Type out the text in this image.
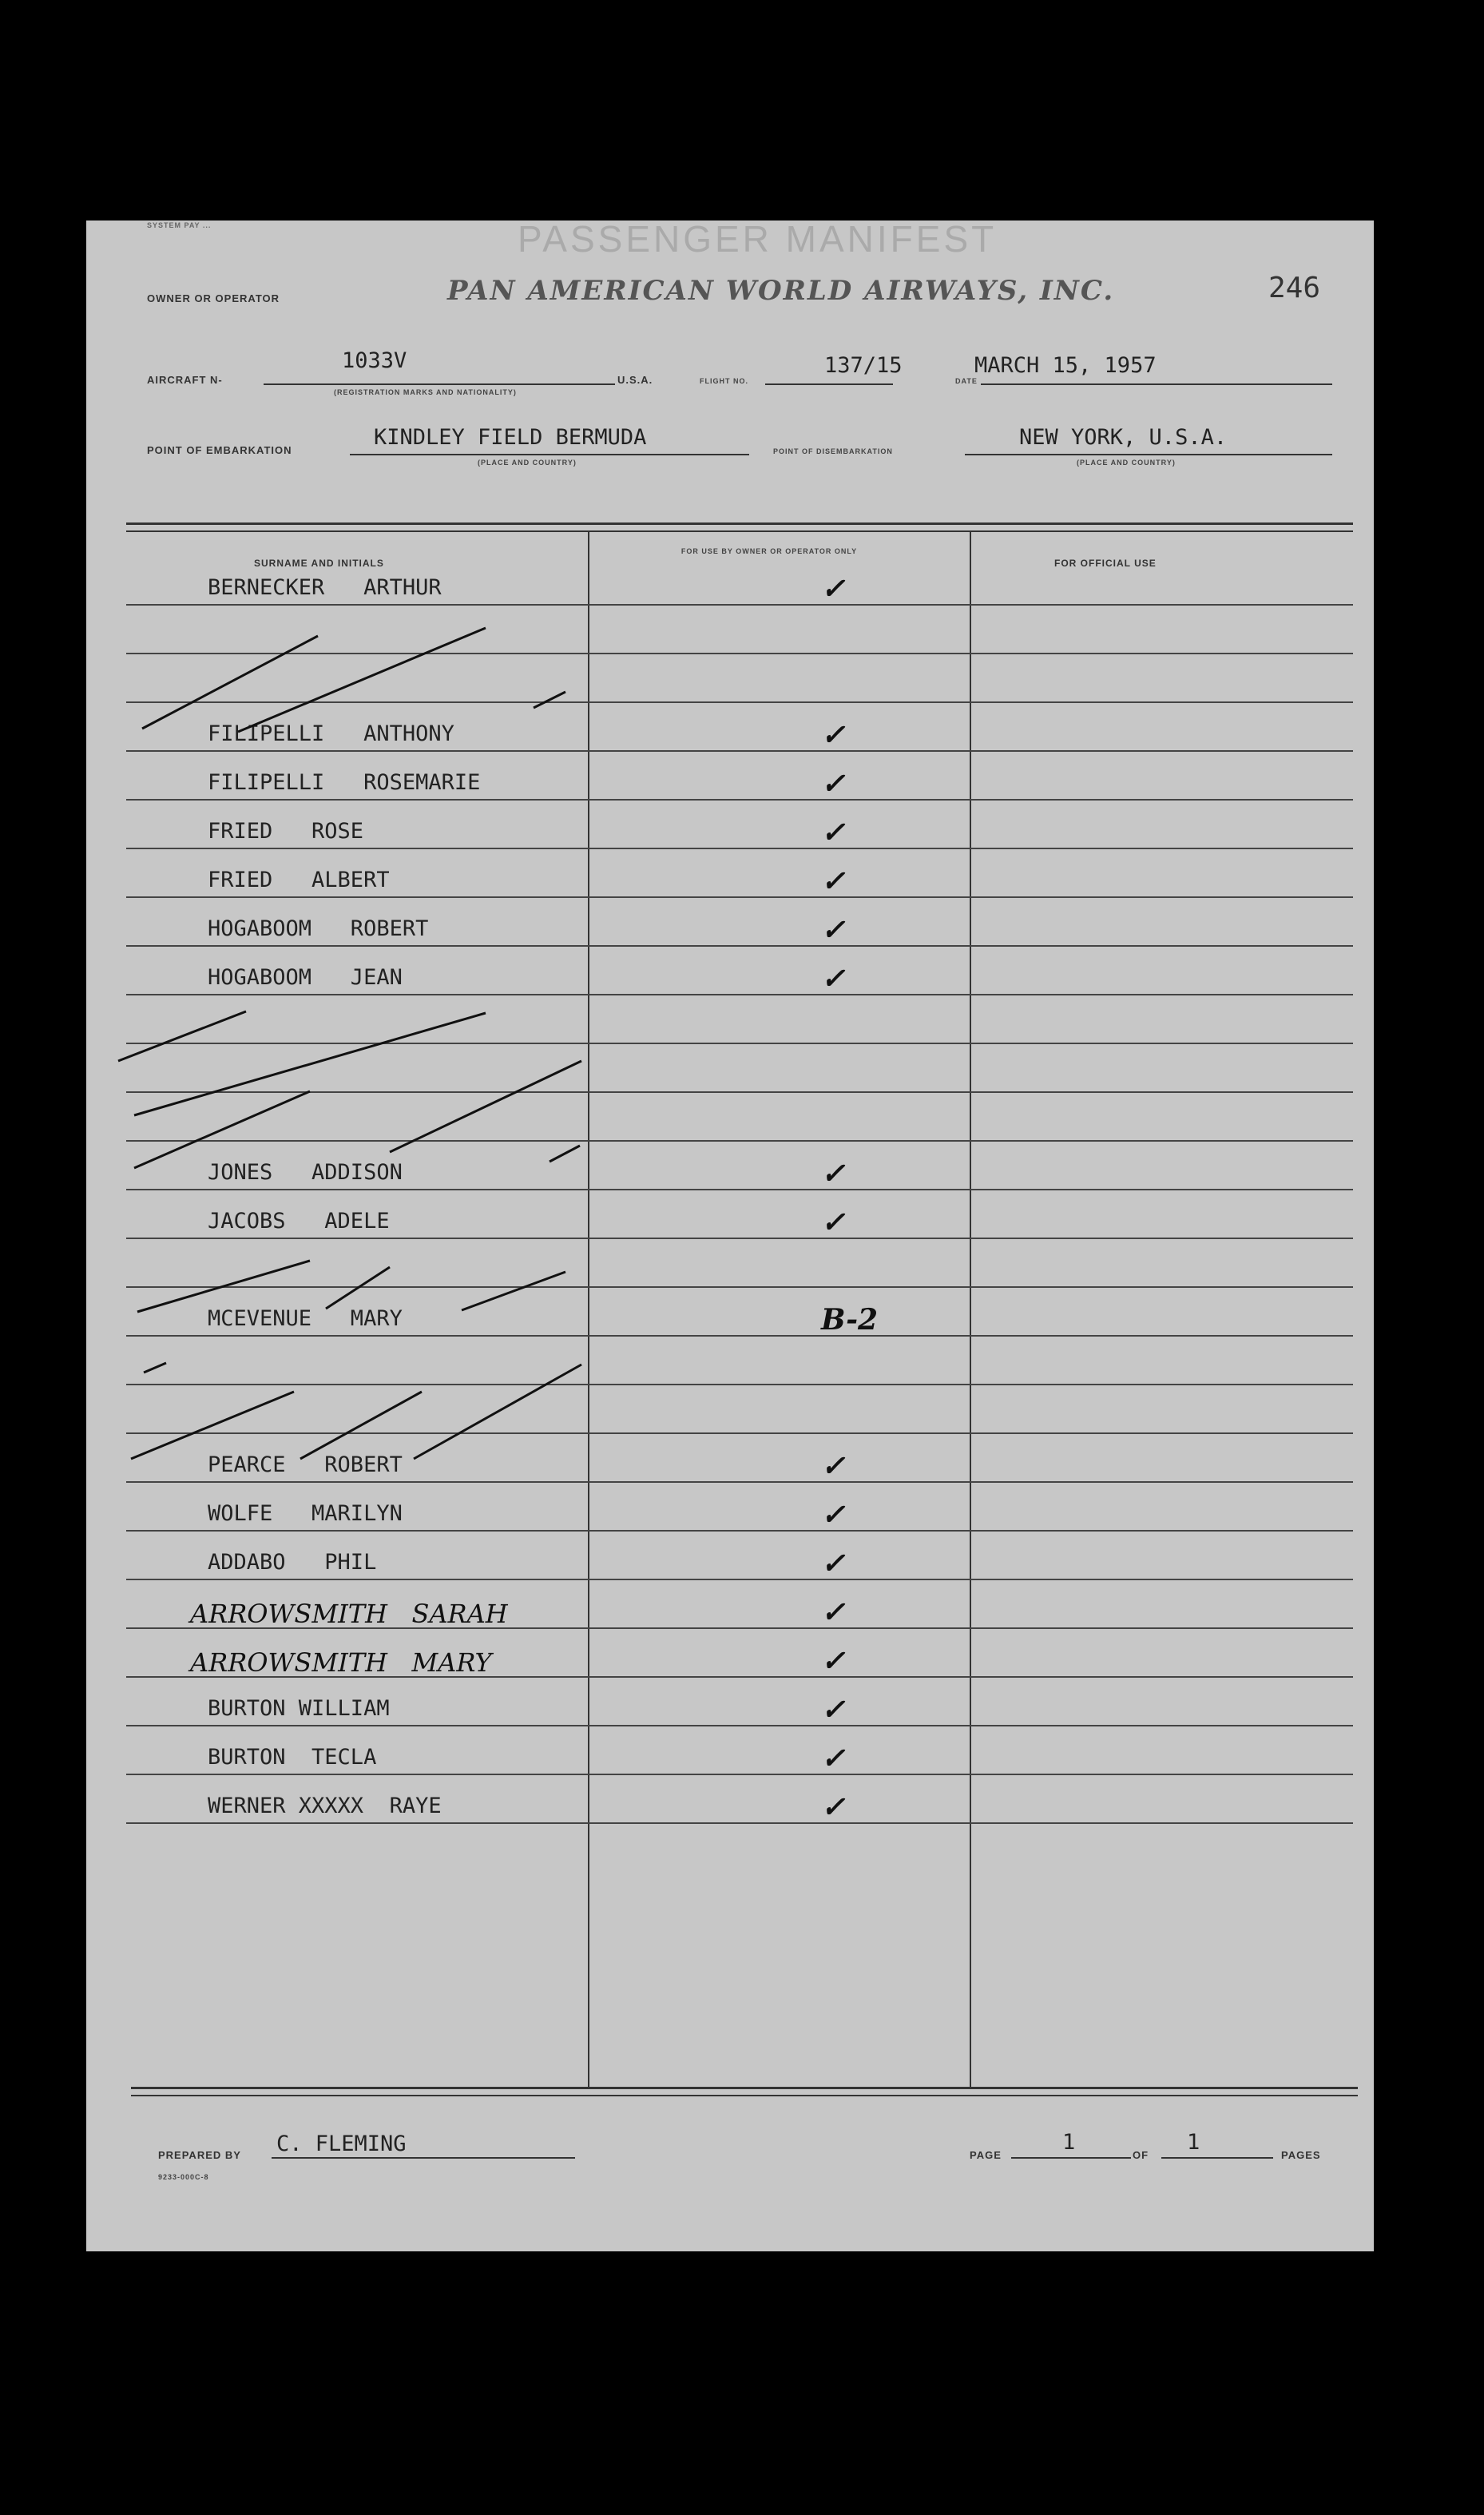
SYSTEM PAY ...	PASSENGER MANIFEST
OWNER OR OPERATOR	PAN AMERICAN WORLD AIRWAYS, INC.	246
AIRCRAFT N-
1033V
(REGISTRATION MARKS AND NATIONALITY)
U.S.A.	FLIGHT NO.
137/15
DATE
MARCH 15, 1957
POINT OF EMBARKATION
KINDLEY FIELD BERMUDA
(PLACE AND COUNTRY)
POINT OF DISEMBARKATION
NEW YORK, U.S.A.
(PLACE AND COUNTRY)
SURNAME AND INITIALS
FOR USE BY OWNER OR OPERATOR ONLY
FOR OFFICIAL USE
BERNECKER   ARTHUR	✓
FILIPELLI   ANTHONY	✓
FILIPELLI   ROSEMARIE	✓
FRIED   ROSE	✓
FRIED   ALBERT	✓
HOGABOOM   ROBERT	✓
HOGABOOM   JEAN	✓
JONES   ADDISON	✓
JACOBS   ADELE	✓
MCEVENUE   MARY	B-2
PEARCE   ROBERT	✓
WOLFE   MARILYN	✓
ADDABO   PHIL	✓
ARROWSMITH   SARAH	✓
ARROWSMITH   MARY	✓
BURTON WILLIAM	✓
BURTON  TECLA	✓
WERNER XXXXX  RAYE	✓
PREPARED BY C. FLEMING
9233-000C-8
PAGE
1
OF
1
PAGES
